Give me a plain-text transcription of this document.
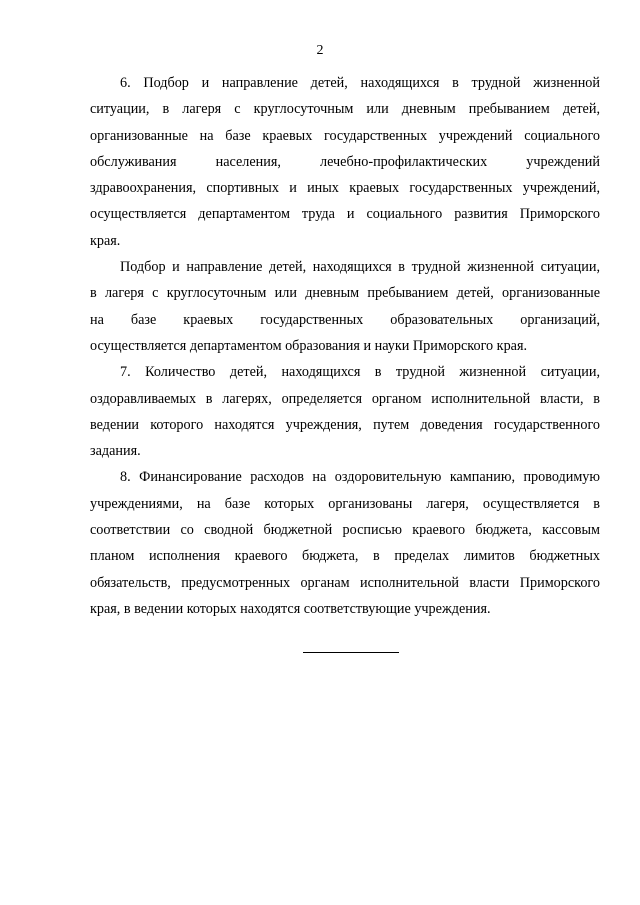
2

6. Подбор и направление детей, находящихся в трудной жизненной
ситуации, в лагеря с круглосуточным или дневным пребыванием детей,
организованные на базе краевых государственных учреждений социального
обслуживания населения, лечебно-профилактических учреждений
здравоохранения, спортивных и иных краевых государственных учреждений,
осуществляется департаментом труда и социального развития Приморского
края.

Подбор и направление детей, находящихся в трудной жизненной ситуации,
в лагеря с круглосуточным или дневным пребыванием детей, организованные
на базе краевых государственных образовательных организаций,
осуществляется департаментом образования и науки Приморского края.

7. Количество детей, находящихся в трудной жизненной ситуации,
оздоравливаемых в лагерях, определяется органом исполнительной власти, в
ведении которого находятся учреждения, путем доведения государственного
задания.

8. Финансирование расходов на оздоровительную кампанию, проводимую
учреждениями, на базе которых организованы лагеря, осуществляется в
соответствии со сводной бюджетной росписью краевого бюджета, кассовым
планом исполнения краевого бюджета, в пределах лимитов бюджетных
обязательств, предусмотренных органам исполнительной власти Приморского
края, в ведении которых находятся соответствующие учреждения.
